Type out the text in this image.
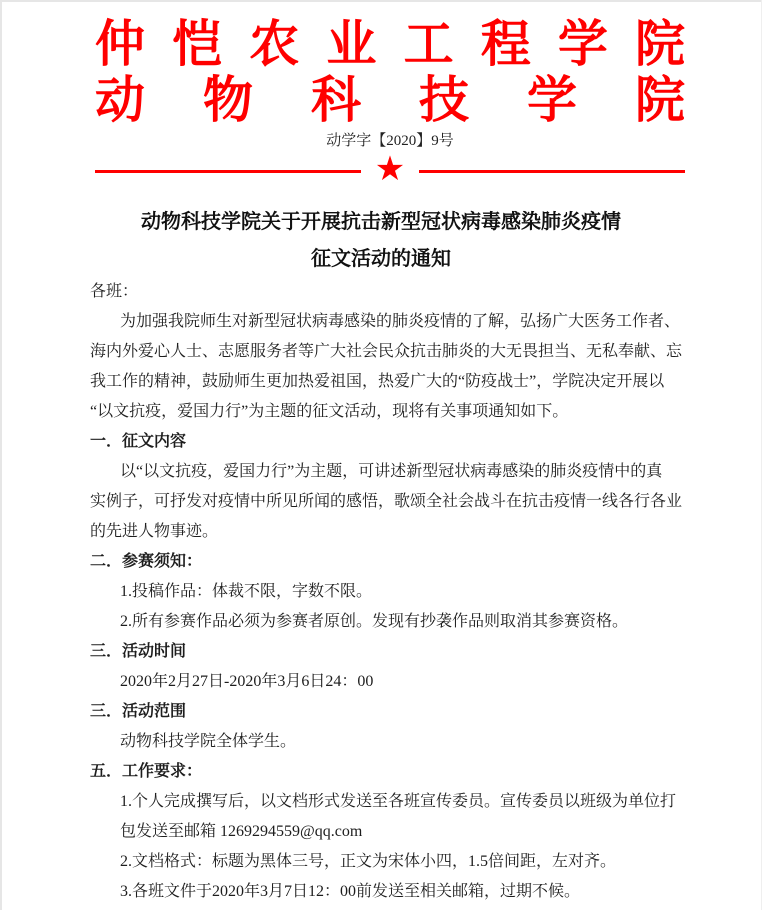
仲 恺 农 业 工 程 学 院
动 物 科 技 学 院
动学字【2020】9号
★
动物科技学院关于开展抗击新型冠状病毒感染肺炎疫情
征文活动的通知
各班：
为加强我院师生对新型冠状病毒感染的肺炎疫情的了解，弘扬广大医务工作者、
海内外爱心人士、志愿服务者等广大社会民众抗击肺炎的大无畏担当、无私奉献、忘
我工作的精神，鼓励师生更加热爱祖国，热爱广大的“防疫战士”，学院决定开展以
“以文抗疫，爱国力行”为主题的征文活动，现将有关事项通知如下。
一．征文内容
以“以文抗疫，爱国力行”为主题，可讲述新型冠状病毒感染的肺炎疫情中的真
实例子，可抒发对疫情中所见所闻的感悟，歌颂全社会战斗在抗击疫情一线各行各业
的先进人物事迹。
二．参赛须知：
1.投稿作品：体裁不限，字数不限。
2.所有参赛作品必须为参赛者原创。发现有抄袭作品则取消其参赛资格。
三．活动时间
2020年2月27日-2020年3月6日24：00
三．活动范围
动物科技学院全体学生。
五．工作要求：
1.个人完成撰写后，以文档形式发送至各班宣传委员。宣传委员以班级为单位打
包发送至邮箱 1269294559@qq.com
2.文档格式：标题为黑体三号，正文为宋体小四，1.5倍间距，左对齐。
3.各班文件于2020年3月7日12：00前发送至相关邮箱，过期不候。
